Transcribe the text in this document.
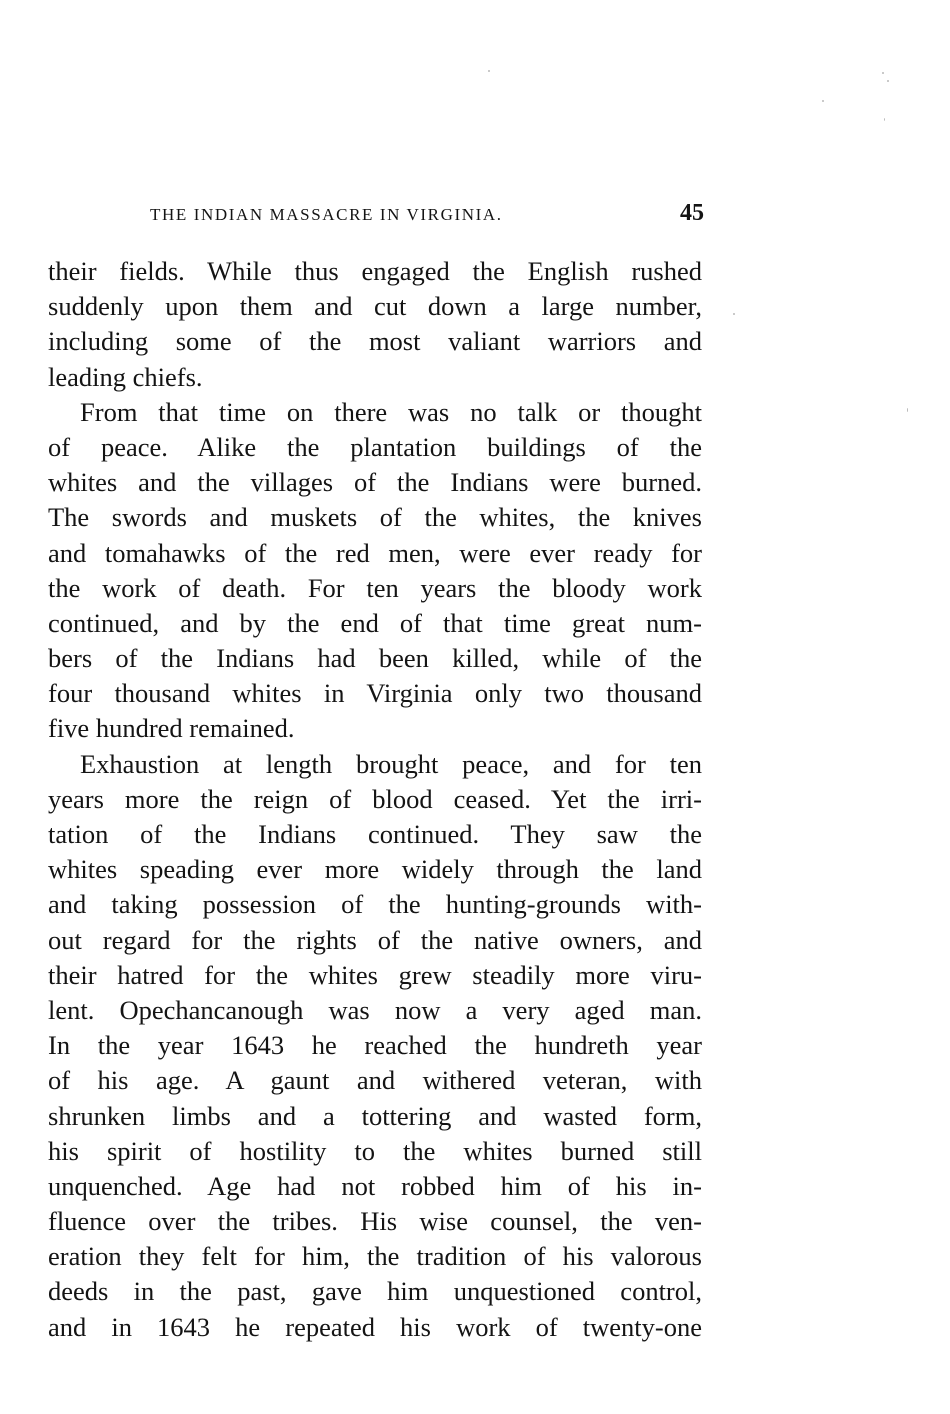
THE INDIAN MASSACRE IN VIRGINIA.	45
their fields. While thus engaged the English rushed
suddenly upon them and cut down a large number,
including some of the most valiant warriors and
leading chiefs.
From that time on there was no talk or thought
of peace. Alike the plantation buildings of the
whites and the villages of the Indians were burned.
The swords and muskets of the whites, the knives
and tomahawks of the red men, were ever ready for
the work of death. For ten years the bloody work
continued, and by the end of that time great num-
bers of the Indians had been killed, while of the
four thousand whites in Virginia only two thousand
five hundred remained.
Exhaustion at length brought peace, and for ten
years more the reign of blood ceased. Yet the irri-
tation of the Indians continued. They saw the
whites speading ever more widely through the land
and taking possession of the hunting-grounds with-
out regard for the rights of the native owners, and
their hatred for the whites grew steadily more viru-
lent. Opechancanough was now a very aged man.
In the year 1643 he reached the hundreth year
of his age. A gaunt and withered veteran, with
shrunken limbs and a tottering and wasted form,
his spirit of hostility to the whites burned still
unquenched. Age had not robbed him of his in-
fluence over the tribes. His wise counsel, the ven-
eration they felt for him, the tradition of his valorous
deeds in the past, gave him unquestioned control,
and in 1643 he repeated his work of twenty-one
